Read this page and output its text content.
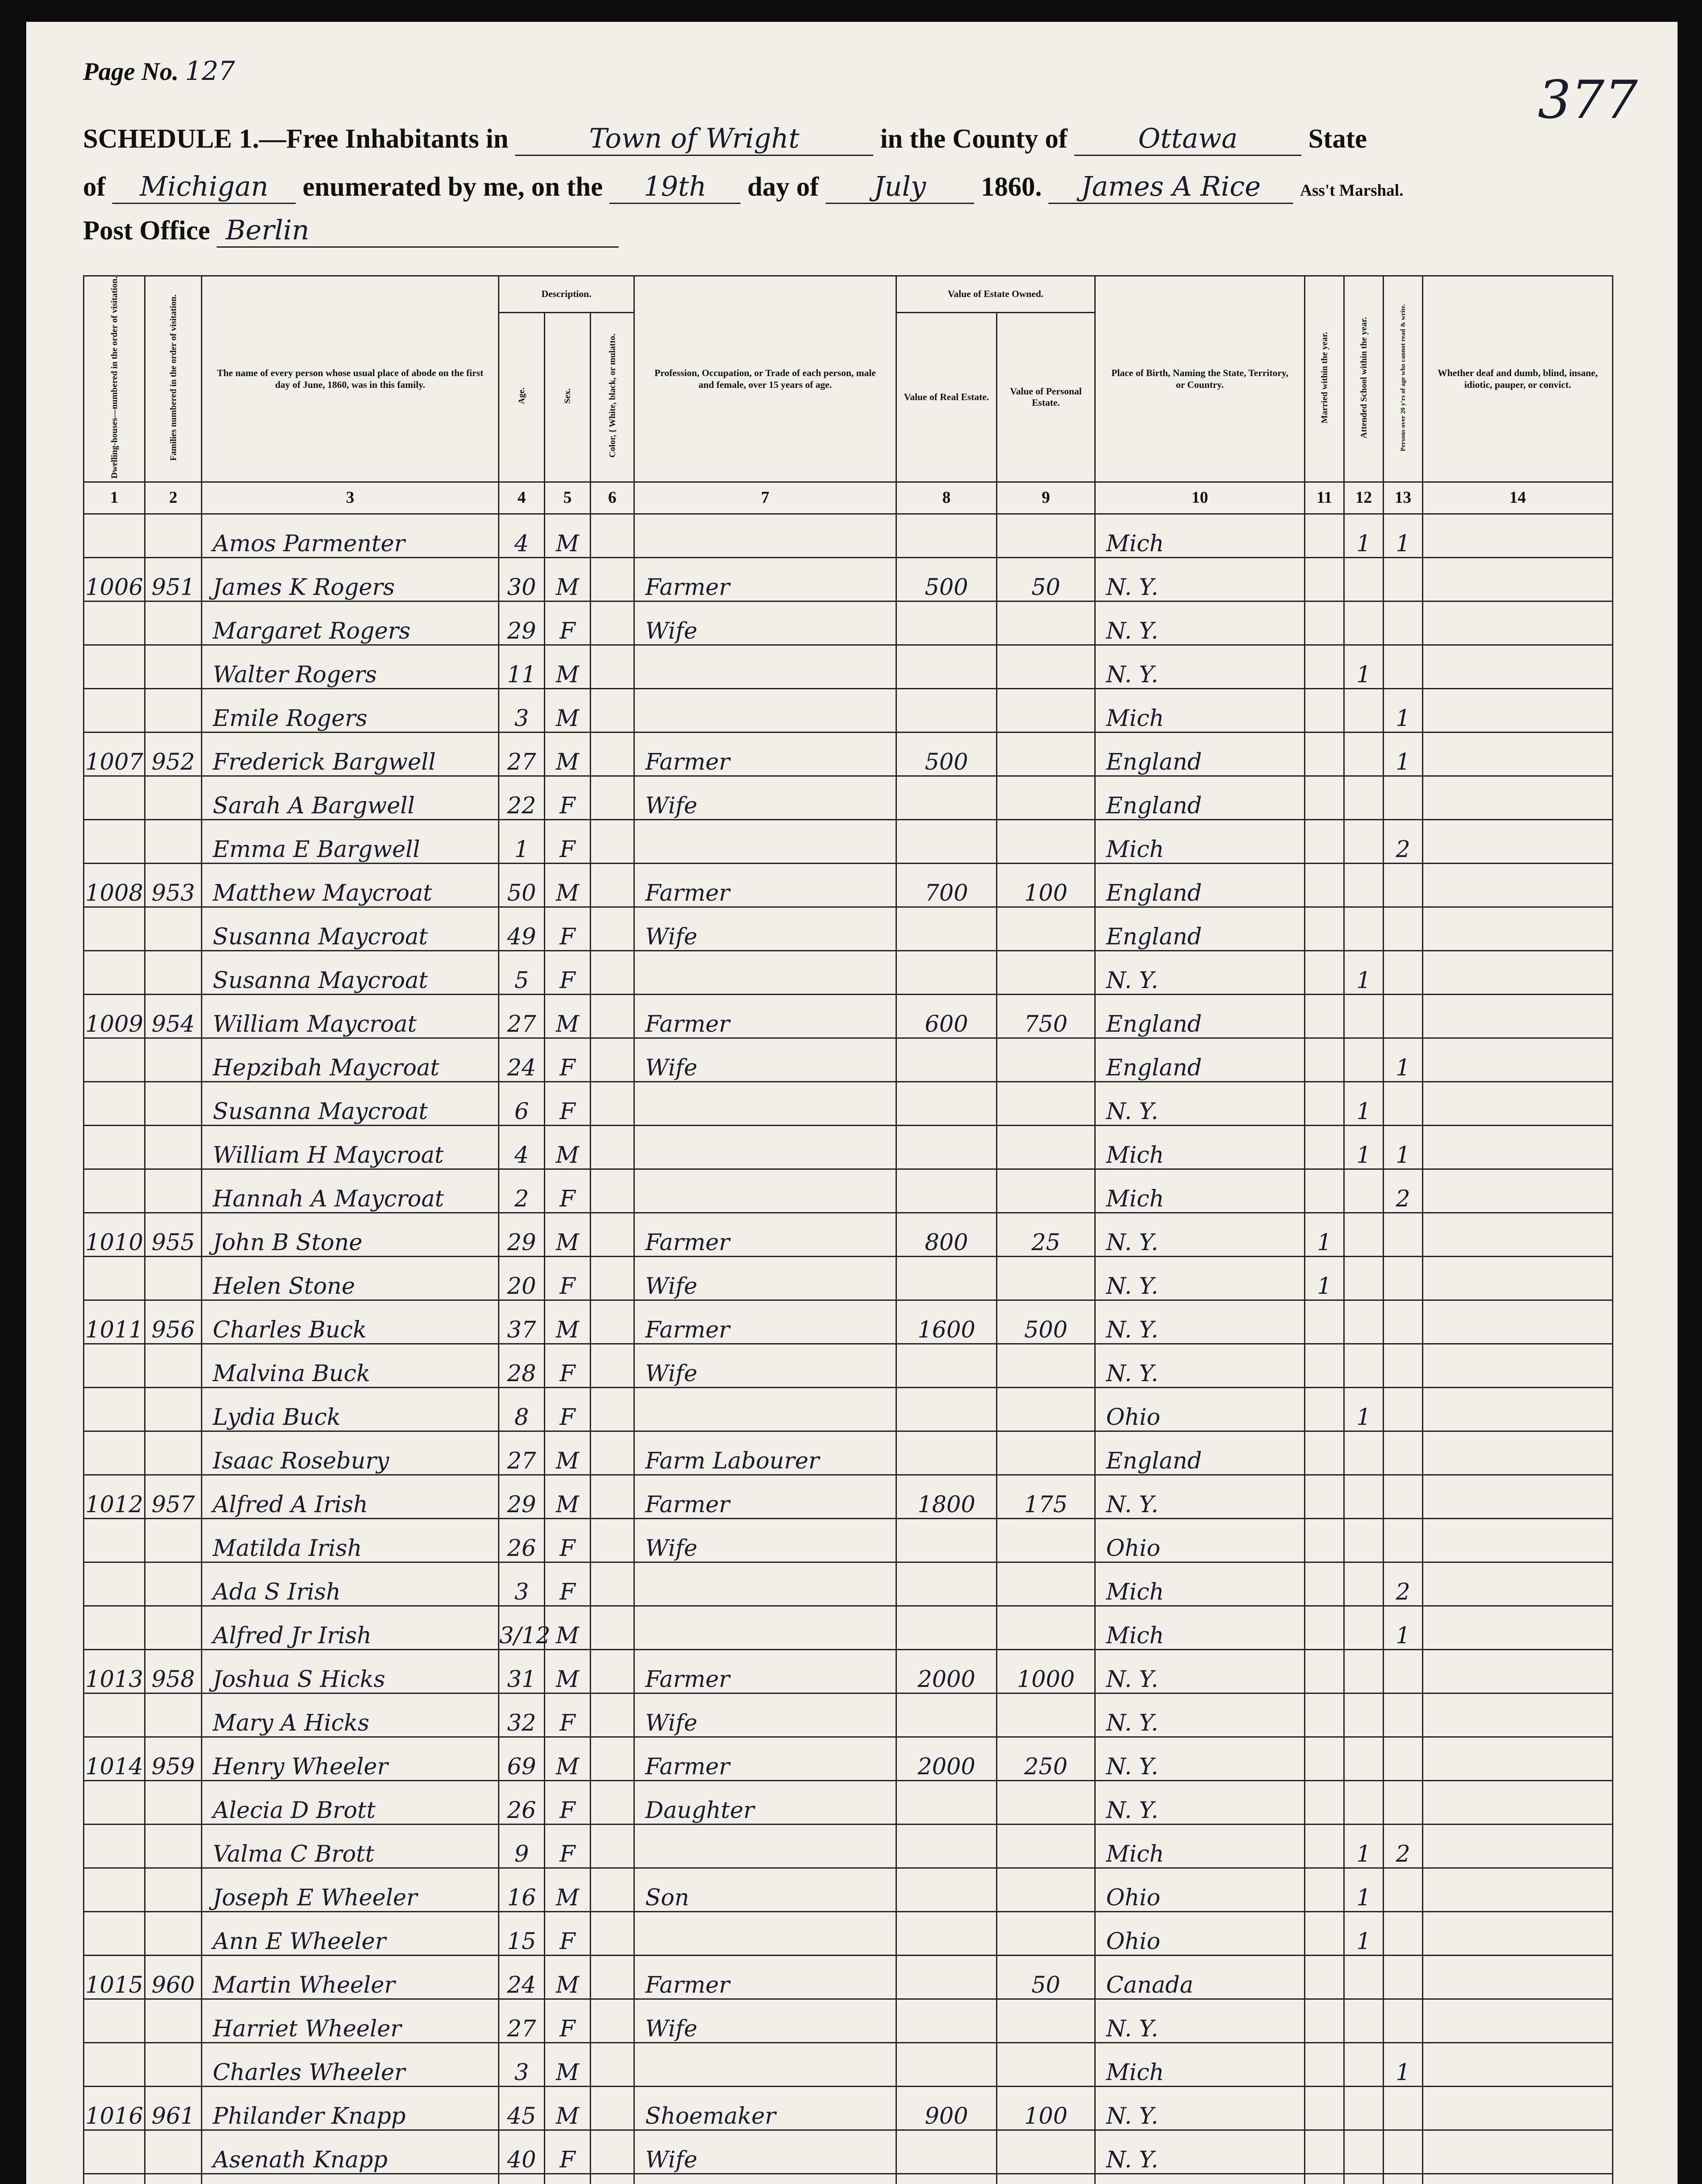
Page No. 127	377
SCHEDULE 1.—Free Inhabitants in	Town of Wright	in the County of	Ottawa	State
of Michigan enumerated by me, on the 19th day of July 1860. James A Rice Ass't Marshal.
Post Office Berlin
Dwelling-houses—numbered in the order of visitation.	Families numbered in the order of visitation.	The name of every person whose usual place of abode on the first day of June, 1860, was in this family.	Description.			Profession, Occupation, or Trade of each person, male and female, over 15 years of age.	Value of Estate Owned.		Place of Birth, Naming the State, Territory, or Country.	Married within the year.	Attended School within the year.	Persons over 20 y'rs of age who cannot read & write.	Whether deaf and dumb, blind, insane, idiotic, pauper, or convict.
			Age.	Sex.	Color, { White, black, or mulatto.		Value of Real Estate.	Value of Personal Estate.					
1	2	3	4	5	6	7	8	9	10	11	12	13	14
		Amos Parmenter	4	M					Mich		1	1	
1006	951	James K Rogers	30	M		Farmer	500	50	N. Y.				
		Margaret Rogers	29	F		Wife			N. Y.				
		Walter Rogers	11	M					N. Y.		1		
		Emile Rogers	3	M					Mich			1	
1007	952	Frederick Bargwell	27	M		Farmer	500		England			1	
		Sarah A Bargwell	22	F		Wife			England				
		Emma E Bargwell	1	F					Mich			2	
1008	953	Matthew Maycroat	50	M		Farmer	700	100	England				
		Susanna Maycroat	49	F		Wife			England				
		Susanna Maycroat	5	F					N. Y.		1		
1009	954	William Maycroat	27	M		Farmer	600	750	England				
		Hepzibah Maycroat	24	F		Wife			England			1	
		Susanna Maycroat	6	F					N. Y.		1		
		William H Maycroat	4	M					Mich		1	1	
		Hannah A Maycroat	2	F					Mich			2	
1010	955	John B Stone	29	M		Farmer	800	25	N. Y.	1			
		Helen Stone	20	F		Wife			N. Y.	1			
1011	956	Charles Buck	37	M		Farmer	1600	500	N. Y.				
		Malvina Buck	28	F		Wife			N. Y.				
		Lydia Buck	8	F					Ohio		1		
		Isaac Rosebury	27	M		Farm Labourer			England				
1012	957	Alfred A Irish	29	M		Farmer	1800	175	N. Y.				
		Matilda Irish	26	F		Wife			Ohio				
		Ada S Irish	3	F					Mich			2	
		Alfred Jr Irish	3/12	M					Mich			1	
1013	958	Joshua S Hicks	31	M		Farmer	2000	1000	N. Y.				
		Mary A Hicks	32	F		Wife			N. Y.				
1014	959	Henry Wheeler	69	M		Farmer	2000	250	N. Y.				
		Alecia D Brott	26	F		Daughter			N. Y.				
		Valma C Brott	9	F					Mich		1	2	
		Joseph E Wheeler	16	M		Son			Ohio		1		
		Ann E Wheeler	15	F					Ohio		1		
1015	960	Martin Wheeler	24	M		Farmer		50	Canada				
		Harriet Wheeler	27	F		Wife			N. Y.				
		Charles Wheeler	3	M					Mich			1	
1016	961	Philander Knapp	45	M		Shoemaker	900	100	N. Y.				
		Asenath Knapp	40	F		Wife			N. Y.				
